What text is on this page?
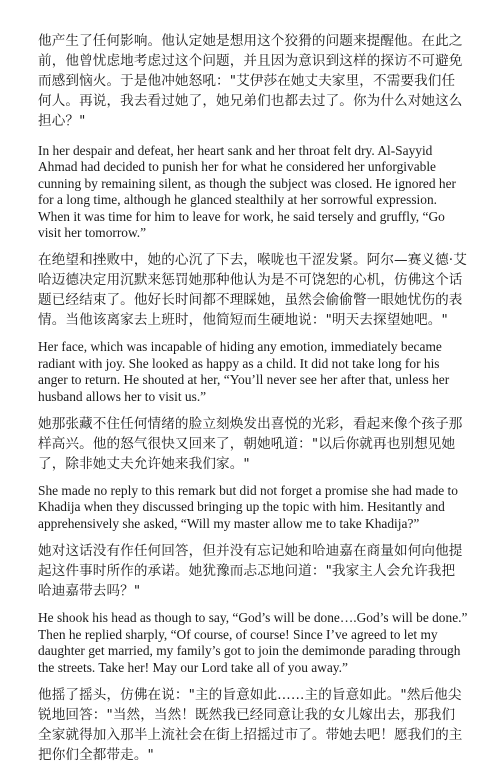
他产生了任何影响。他认定她是想用这个狡猾的问题来提醒他。在此之前，他曾忧虑地考虑过这个问题，并且因为意识到这样的探访不可避免而感到恼火。于是他冲她怒吼："艾伊莎在她丈夫家里，不需要我们任何人。再说，我去看过她了，她兄弟们也都去过了。你为什么对她这么担心？"

In her despair and defeat, her heart sank and her throat felt dry. Al-Sayyid Ahmad had decided to punish her for what he considered her unforgivable cunning by remaining silent, as though the subject was closed. He ignored her for a long time, although he glanced stealthily at her sorrowful expression. When it was time for him to leave for work, he said tersely and gruffly, “Go visit her tomorrow.”

在绝望和挫败中，她的心沉了下去，喉咙也干涩发紧。阿尔—赛义德·艾哈迈德决定用沉默来惩罚她那种他认为是不可饶恕的心机，仿佛这个话题已经结束了。他好长时间都不理睬她，虽然会偷偷瞥一眼她忧伤的表情。当他该离家去上班时，他简短而生硬地说："明天去探望她吧。"

Her face, which was incapable of hiding any emotion, immediately became radiant with joy. She looked as happy as a child. It did not take long for his anger to return. He shouted at her, “You’ll never see her after that, unless her husband allows her to visit us.”

她那张藏不住任何情绪的脸立刻焕发出喜悦的光彩，看起来像个孩子那样高兴。他的怒气很快又回来了，朝她吼道："以后你就再也别想见她了，除非她丈夫允许她来我们家。"

She made no reply to this remark but did not forget a promise she had made to Khadija when they discussed bringing up the topic with him. Hesitantly and apprehensively she asked, “Will my master allow me to take Khadija?”

她对这话没有作任何回答，但并没有忘记她和哈迪嘉在商量如何向他提起这件事时所作的承诺。她犹豫而忐忑地问道："我家主人会允许我把哈迪嘉带去吗？"

He shook his head as though to say, “God’s will be done….God’s will be done.” Then he replied sharply, “Of course, of course! Since I’ve agreed to let my daughter get married, my family’s got to join the demimonde parading through the streets. Take her! May our Lord take all of you away.”

他摇了摇头，仿佛在说："主的旨意如此……主的旨意如此。"然后他尖锐地回答："当然，当然！既然我已经同意让我的女儿嫁出去，那我们全家就得加入那半上流社会在街上招摇过市了。带她去吧！愿我们的主把你们全都带走。"
